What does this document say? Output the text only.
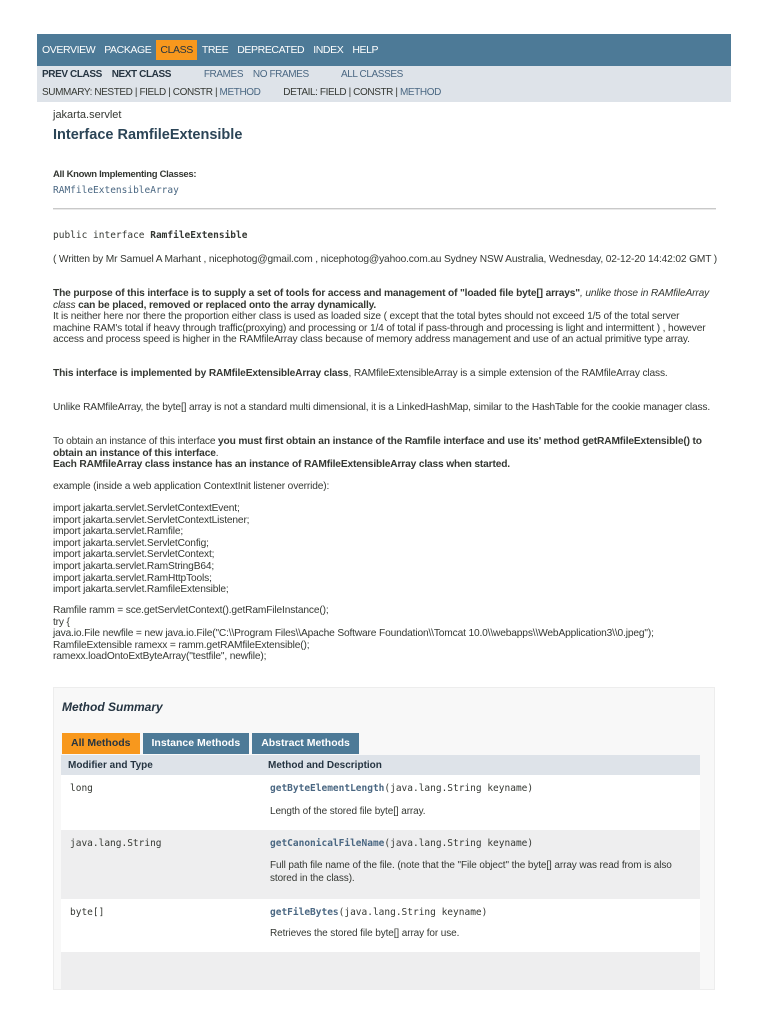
OVERVIEW PACKAGE CLASS TREE DEPRECATED INDEX HELP
PREV CLASS NEXT CLASS	FRAMES NO FRAMES	ALL CLASSES
SUMMARY: NESTED | FIELD | CONSTR | METHOD DETAIL: FIELD | CONSTR | METHOD
jakarta.servlet
Interface RamfileExtensible
All Known Implementing Classes:
RAMfileExtensibleArray
public interface RamfileExtensible
( Written by Mr Samuel A Marhant , nicephotog@gmail.com , nicephotog@yahoo.com.au Sydney NSW Australia, Wednesday, 02-12-20 14:42:02 GMT )
The purpose of this interface is to supply a set of tools for access and management of "loaded file byte[] arrays", unlike those in RAMfileArray class can be placed, removed or replaced onto the array dynamically.
It is neither here nor there the proportion either class is used as loaded size ( except that the total bytes should not exceed 1/5 of the total server machine RAM's total if heavy through traffic(proxying) and processing or 1/4 of total if pass-through and processing is light and intermittent ) , however access and process speed is higher in the RAMfileArray class because of memory address management and use of an actual primitive type array.
This interface is implemented by RAMfileExtensibleArray class, RAMfileExtensibleArray is a simple extension of the RAMfileArray class.
Unlike RAMfileArray, the byte[] array is not a standard multi dimensional, it is a LinkedHashMap, similar to the HashTable for the cookie manager class.
To obtain an instance of this interface you must first obtain an instance of the Ramfile interface and use its' method getRAMfileExtensible() to obtain an instance of this interface.
Each RAMfileArray class instance has an instance of RAMfileExtensibleArray class when started.
example (inside a web application ContextInit listener override):
import jakarta.servlet.ServletContextEvent;
import jakarta.servlet.ServletContextListener;
import jakarta.servlet.Ramfile;
import jakarta.servlet.ServletConfig;
import jakarta.servlet.ServletContext;
import jakarta.servlet.RamStringB64;
import jakarta.servlet.RamHttpTools;
import jakarta.servlet.RamfileExtensible;
Ramfile ramm = sce.getServletContext().getRamFileInstance();
try {
java.io.File newfile = new java.io.File("C:\\Program Files\\Apache Software Foundation\\Tomcat 10.0\\webapps\\WebApplication3\\0.jpeg");
RamfileExtensible ramexx = ramm.getRAMfileExtensible();
ramexx.loadOntoExtByteArray("testfile", newfile);
Method Summary
All Methods	Instance Methods	Abstract Methods
Modifier and Type	Method and Description
long	getByteElementLength(java.lang.String keyname)
Length of the stored file byte[] array.
java.lang.String	getCanonicalFileName(java.lang.String keyname)
Full path file name of the file. (note that the "File object" the byte[] array was read from is also stored in the class).
byte[]	getFileBytes(java.lang.String keyname)
Retrieves the stored file byte[] array for use.
